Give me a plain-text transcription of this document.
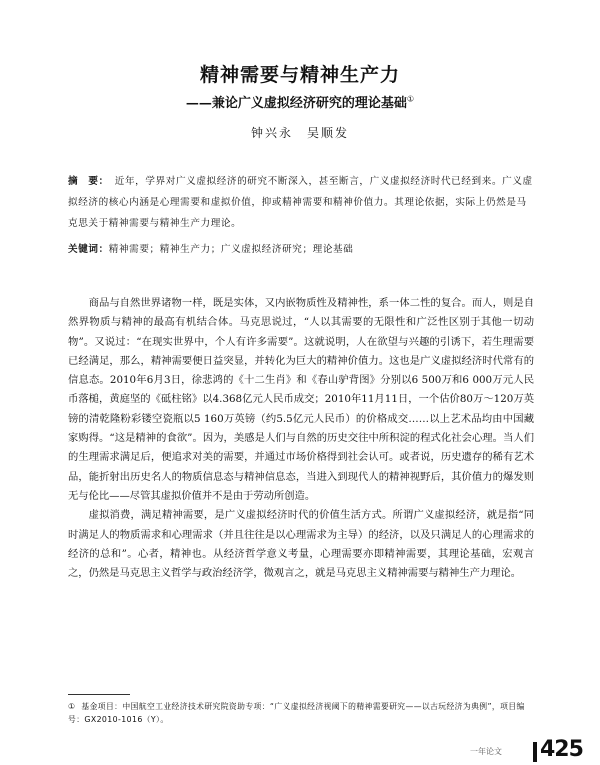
精神需要与精神生产力
——兼论广义虚拟经济研究的理论基础①
钟兴永　吴顺发
摘　要： 近年，学界对广义虚拟经济的研究不断深入，甚至断言，广义虚拟经济时代已经到来。广义虚拟经济的核心内涵是心理需要和虚拟价值，抑或精神需要和精神价值力。其理论依据，实际上仍然是马克思关于精神需要与精神生产力理论。
关键词：精神需要；精神生产力；广义虚拟经济研究；理论基础

商品与自然世界诸物一样，既是实体，又内嵌物质性及精神性，系一体二性的复合。而人，则是自然界物质与精神的最高有机结合体。马克思说过，“人以其需要的无限性和广泛性区别于其他一切动物”。又说过：“在现实世界中，个人有许多需要”。这就说明，人在欲望与兴趣的引诱下，若生理需要已经满足，那么，精神需要便日益突显，并转化为巨大的精神价值力。这也是广义虚拟经济时代常有的信息态。2010年6月3日，徐悲鸿的《十二生肖》和《春山驴背图》分别以6 500万和6 000万元人民币落槌，黄庭坚的《砥柱铭》以4.368亿元人民币成交；2010年11月11日，一个估价80万～120万英镑的清乾隆粉彩镂空瓷瓶以5 160万英镑（约5.5亿元人民币）的价格成交……以上艺术品均由中国藏家购得。“这是精神的食欲”。因为，美感是人们与自然的历史交往中所积淀的程式化社会心理。当人们的生理需求满足后，便追求对美的需要，并通过市场价格得到社会认可。或者说，历史遗存的稀有艺术品，能折射出历史名人的物质信息态与精神信息态，当进入到现代人的精神视野后，其价值力的爆发则无与伦比——尽管其虚拟价值并不是由于劳动所创造。

虚拟消费，满足精神需要，是广义虚拟经济时代的价值生活方式。所谓广义虚拟经济，就是指“同时满足人的物质需求和心理需求（并且往往是以心理需求为主导）的经济，以及只满足人的心理需求的经济的总和”。心者，精神也。从经济哲学意义考量，心理需要亦即精神需要，其理论基础，宏观言之，仍然是马克思主义哲学与政治经济学，微观言之，就是马克思主义精神需要与精神生产力理论。

① 基金项目：中国航空工业经济技术研究院资助专项：“广义虚拟经济视阈下的精神需要研究——以古玩经济为典例”，项目编号：GX2010-1016（Y）。
一年论文 425
